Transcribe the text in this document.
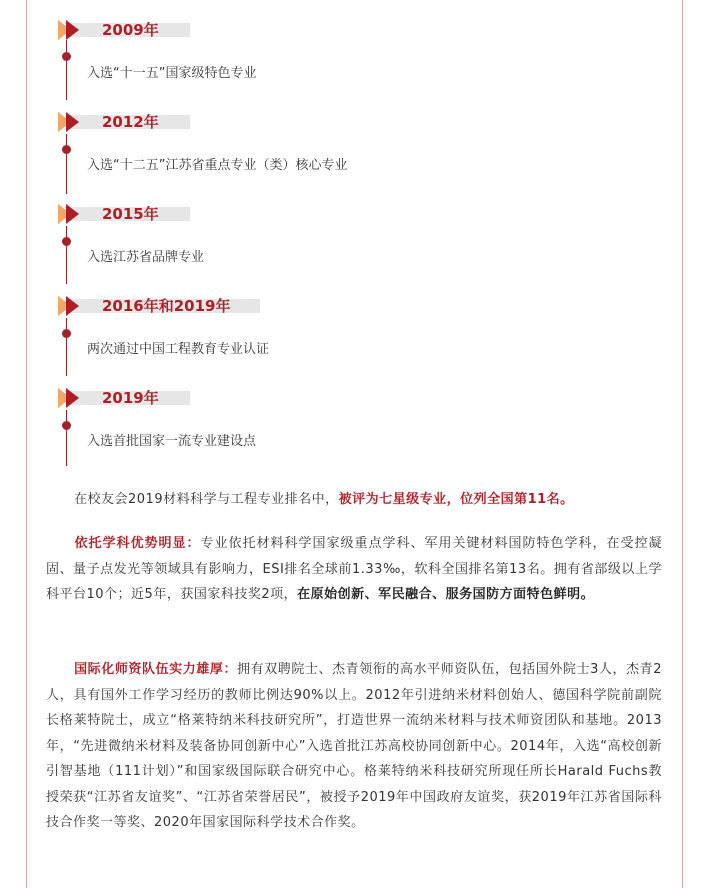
2009年
入选“十一五”国家级特色专业
2012年
入选“十二五”江苏省重点专业（类）核心专业
2015年
入选江苏省品牌专业
2016年和2019年
两次通过中国工程教育专业认证
2019年
入选首批国家一流专业建设点
在校友会2019材料科学与工程专业排名中，被评为七星级专业，位列全国第11名。
依托学科优势明显：专业依托材料科学国家级重点学科、军用关键材料国防特色学科，在受控凝固、量子点发光等领域具有影响力，ESI排名全球前1.33‰，软科全国排名第13名。拥有省部级以上学科平台10个；近5年，获国家科技奖2项，在原始创新、军民融合、服务国防方面特色鲜明。
国际化师资队伍实力雄厚：拥有双聘院士、杰青领衔的高水平师资队伍，包括国外院士3人，杰青2人，具有国外工作学习经历的教师比例达90%以上。2012年引进纳米材料创始人、德国科学院前副院长格莱特院士，成立“格莱特纳米科技研究所”，打造世界一流纳米材料与技术师资团队和基地。2013年，“先进微纳米材料及装备协同创新中心”入选首批江苏高校协同创新中心。2014年，入选“高校创新引智基地（111计划）”和国家级国际联合研究中心。格莱特纳米科技研究所现任所长Harald Fuchs教授荣获“江苏省友谊奖”、“江苏省荣誉居民”，被授予2019年中国政府友谊奖，获2019年江苏省国际科技合作奖一等奖、2020年国家国际科学技术合作奖。
